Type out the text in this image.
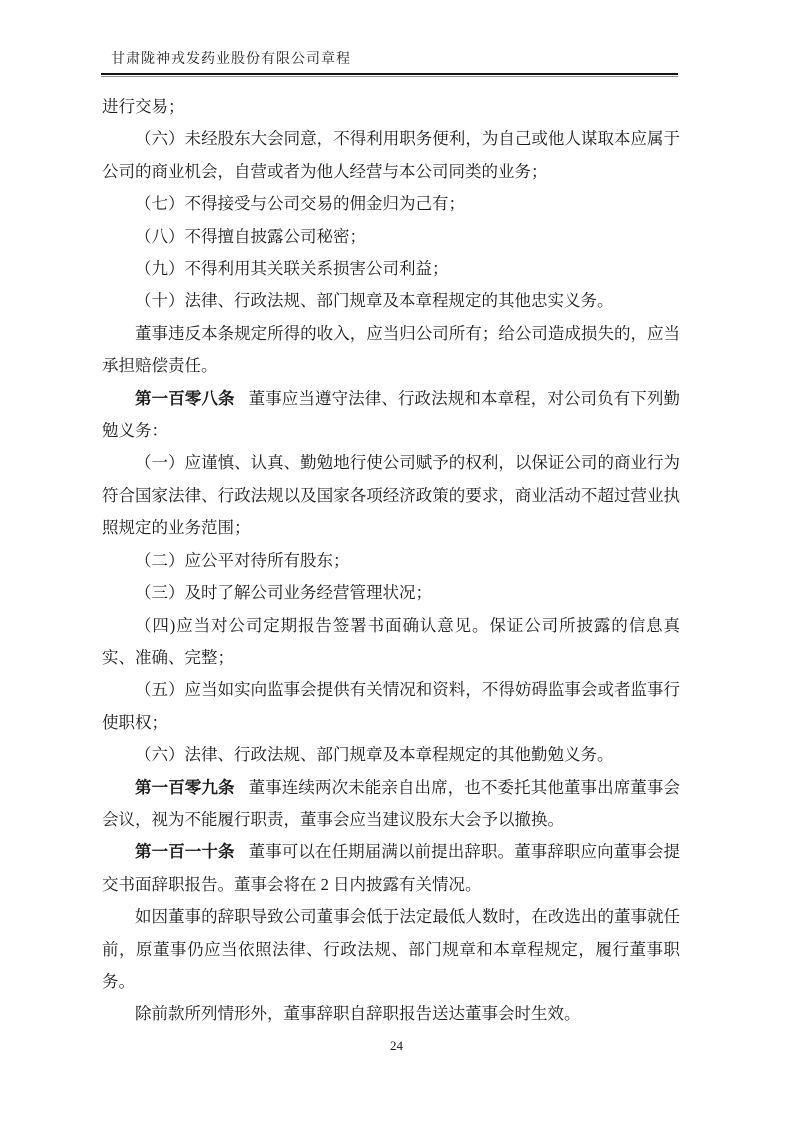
甘肃陇神戎发药业股份有限公司章程

进行交易；

（六）未经股东大会同意，不得利用职务便利，为自己或他人谋取本应属于公司的商业机会，自营或者为他人经营与本公司同类的业务；

（七）不得接受与公司交易的佣金归为己有；

（八）不得擅自披露公司秘密；

（九）不得利用其关联关系损害公司利益；

（十）法律、行政法规、部门规章及本章程规定的其他忠实义务。

董事违反本条规定所得的收入，应当归公司所有；给公司造成损失的，应当承担赔偿责任。

第一百零八条 董事应当遵守法律、行政法规和本章程，对公司负有下列勤勉义务：

（一）应谨慎、认真、勤勉地行使公司赋予的权利，以保证公司的商业行为符合国家法律、行政法规以及国家各项经济政策的要求，商业活动不超过营业执照规定的业务范围；

（二）应公平对待所有股东；

（三）及时了解公司业务经营管理状况；

（四)应当对公司定期报告签署书面确认意见。保证公司所披露的信息真实、准确、完整；

（五）应当如实向监事会提供有关情况和资料，不得妨碍监事会或者监事行使职权；

（六）法律、行政法规、部门规章及本章程规定的其他勤勉义务。

第一百零九条 董事连续两次未能亲自出席，也不委托其他董事出席董事会会议，视为不能履行职责，董事会应当建议股东大会予以撤换。

第一百一十条 董事可以在任期届满以前提出辞职。董事辞职应向董事会提交书面辞职报告。董事会将在 2 日内披露有关情况。

如因董事的辞职导致公司董事会低于法定最低人数时，在改选出的董事就任前，原董事仍应当依照法律、行政法规、部门规章和本章程规定，履行董事职务。

除前款所列情形外，董事辞职自辞职报告送达董事会时生效。

24
